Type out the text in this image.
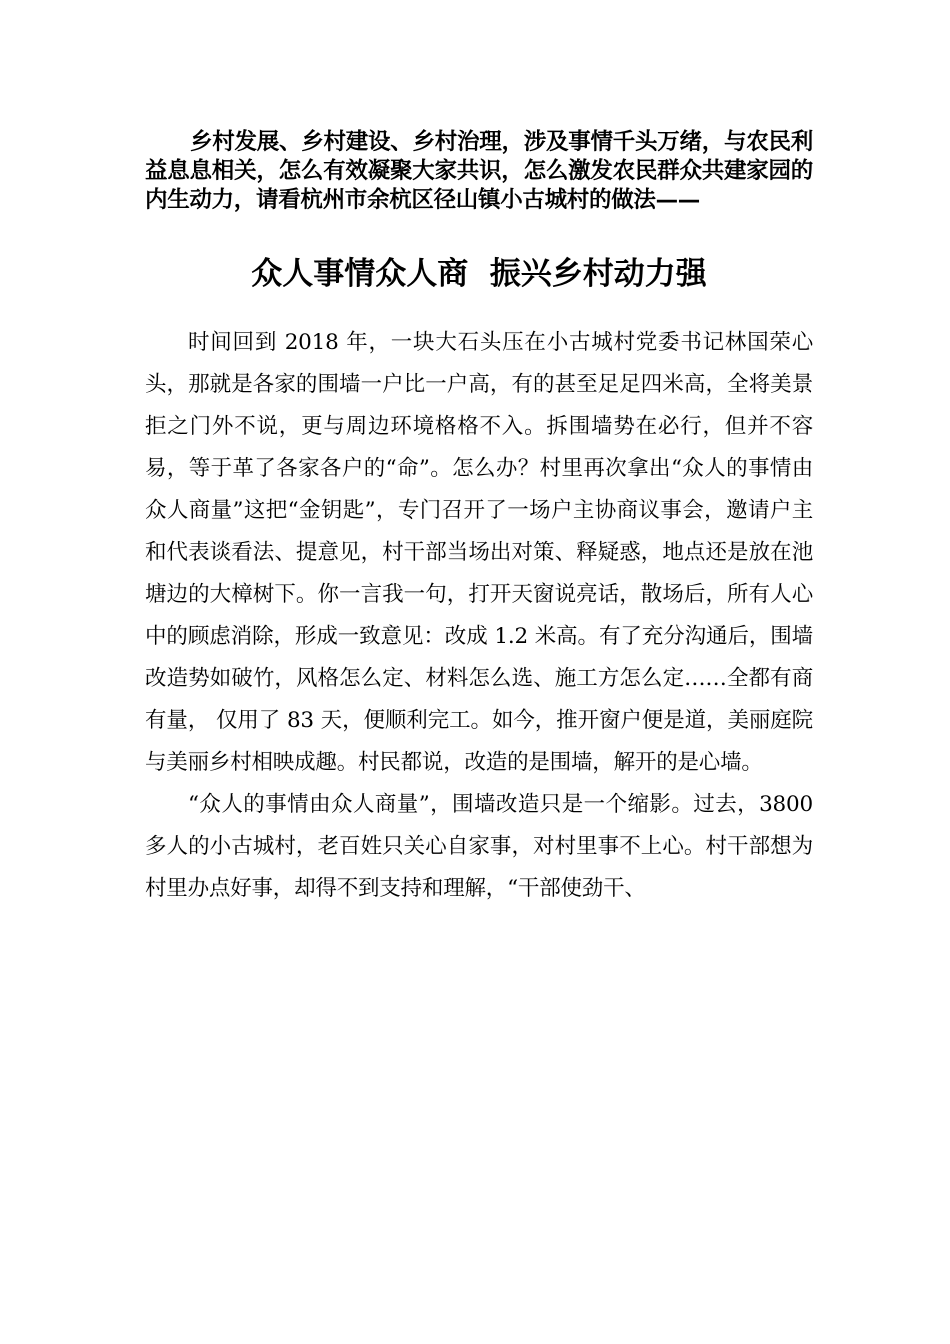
乡村发展、乡村建设、乡村治理，涉及事情千头万绪，与农民利益息息相关，怎么有效凝聚大家共识，怎么激发农民群众共建家园的内生动力，请看杭州市余杭区径山镇小古城村的做法——

众人事情众人商  振兴乡村动力强

时间回到 2018 年，一块大石头压在小古城村党委书记林国荣心头，那就是各家的围墙一户比一户高，有的甚至足足四米高，全将美景拒之门外不说，更与周边环境格格不入。拆围墙势在必行，但并不容易，等于革了各家各户的“命”。怎么办？村里再次拿出“众人的事情由众人商量”这把“金钥匙”，专门召开了一场户主协商议事会，邀请户主和代表谈看法、提意见，村干部当场出对策、释疑惑，地点还是放在池塘边的大樟树下。你一言我一句，打开天窗说亮话，散场后，所有人心中的顾虑消除，形成一致意见：改成 1.2 米高。有了充分沟通后，围墙改造势如破竹，风格怎么定、材料怎么选、施工方怎么定……全都有商有量， 仅用了 83 天，便顺利完工。如今，推开窗户便是道，美丽庭院与美丽乡村相映成趣。村民都说，改造的是围墙，解开的是心墙。

“众人的事情由众人商量”，围墙改造只是一个缩影。过去，3800 多人的小古城村，老百姓只关心自家事，对村里事不上心。村干部想为村里办点好事，却得不到支持和理解，“干部使劲干、
